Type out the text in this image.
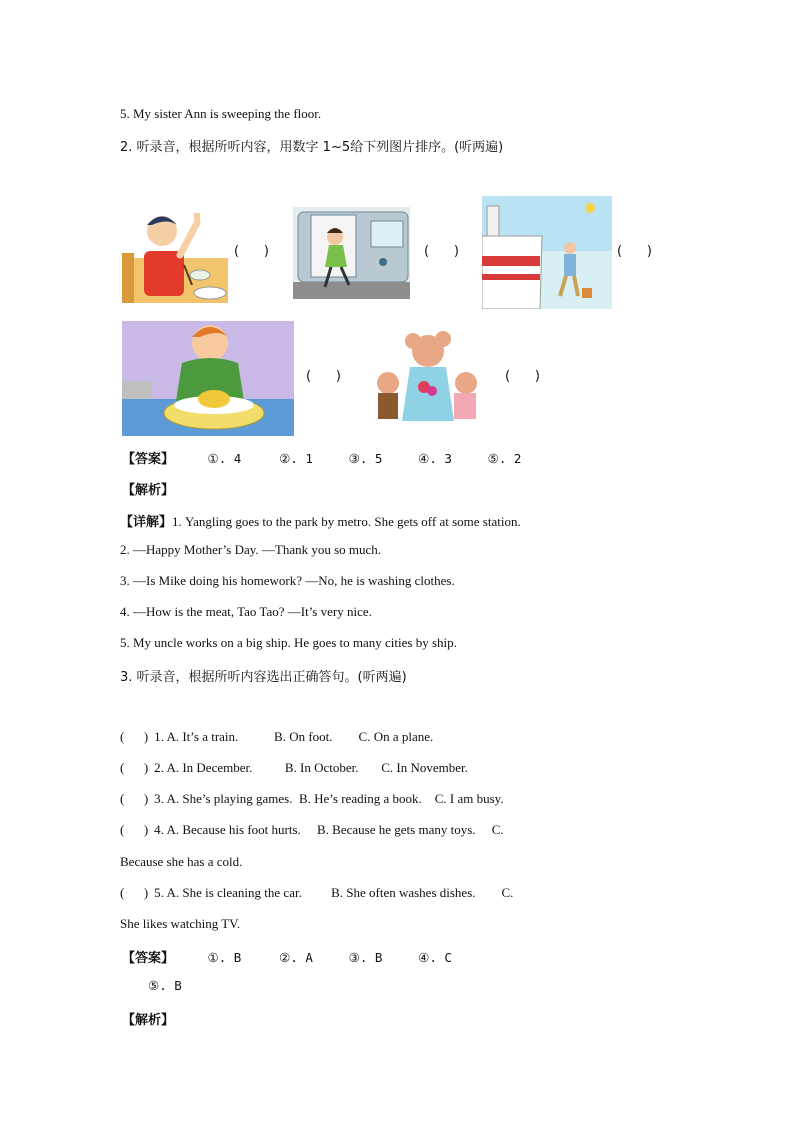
5. My sister Ann is sweeping the floor.
2. 听录音，根据所听内容，用数字 1~5给下列图片排序。(听两遍)
(      )	(      )	(      )
(      )	(      )
【答案】	①. 4	②. 1	③. 5	④. 3	⑤. 2
【解析】
【详解】1. Yangling goes to the park by metro. She gets off at some station.
2. —Happy Mother’s Day. —Thank you so much.
3. —Is Mike doing his homework? —No, he is washing clothes.
4. —How is the meat, Tao Tao? —It’s very nice.
5. My uncle works on a big ship. He goes to many cities by ship.
3. 听录音，根据所听内容选出正确答句。(听两遍)
(      ) 1. A. It’s a train.           B. On foot.        C. On a plane.
(      ) 2. A. In December.          B. In October.       C. In November.
(      ) 3. A. She’s playing games.  B. He’s reading a book.    C. I am busy.
(      ) 4. A. Because his foot hurts.     B. Because he gets many toys.     C.
Because she has a cold.
(      ) 5. A. She is cleaning the car.         B. She often washes dishes.        C.
She likes watching TV.
【答案】	①. B	②. A	③. B	④. C
⑤. B
【解析】
